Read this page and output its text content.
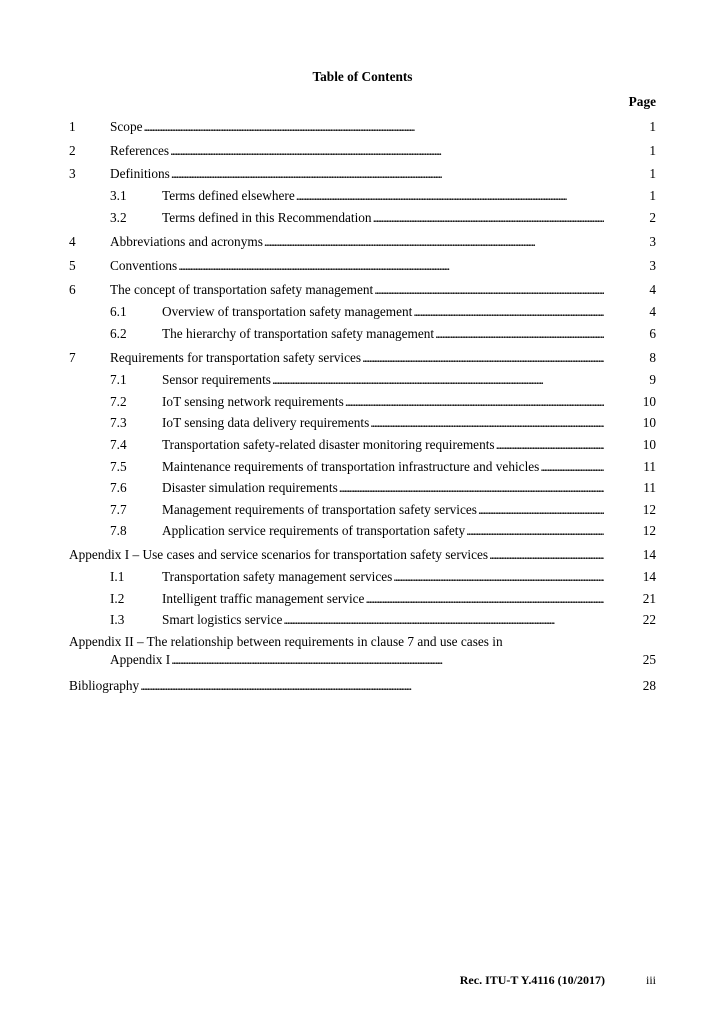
Table of Contents
Page
1	Scope . . .	1
2	References . . .	1
3	Definitions . . .	1
3.1	Terms defined elsewhere . . .	1
3.2	Terms defined in this Recommendation . . .	2
4	Abbreviations and acronyms . . .	3
5	Conventions . . .	3
6	The concept of transportation safety management . . .	4
6.1	Overview of transportation safety management . . .	4
6.2	The hierarchy of transportation safety management . . .	6
7	Requirements for transportation safety services . . .	8
7.1	Sensor requirements . . .	9
7.2	IoT sensing network requirements . . .	10
7.3	IoT sensing data delivery requirements . . .	10
7.4	Transportation safety-related disaster monitoring requirements . . .	10
7.5	Maintenance requirements of transportation infrastructure and vehicles . . .	11
7.6	Disaster simulation requirements . . .	11
7.7	Management requirements of transportation safety services . . .	12
7.8	Application service requirements of transportation safety . . .	12
Appendix I – Use cases and service scenarios for transportation safety services . . .	14
I.1	Transportation safety management services . . .	14
I.2	Intelligent traffic management service . . .	21
I.3	Smart logistics service . . .	22
Appendix II – The relationship between requirements in clause 7 and use cases in
Appendix I . . .	25
Bibliography . . .	28
Rec. ITU-T Y.4116 (10/2017)	iii
